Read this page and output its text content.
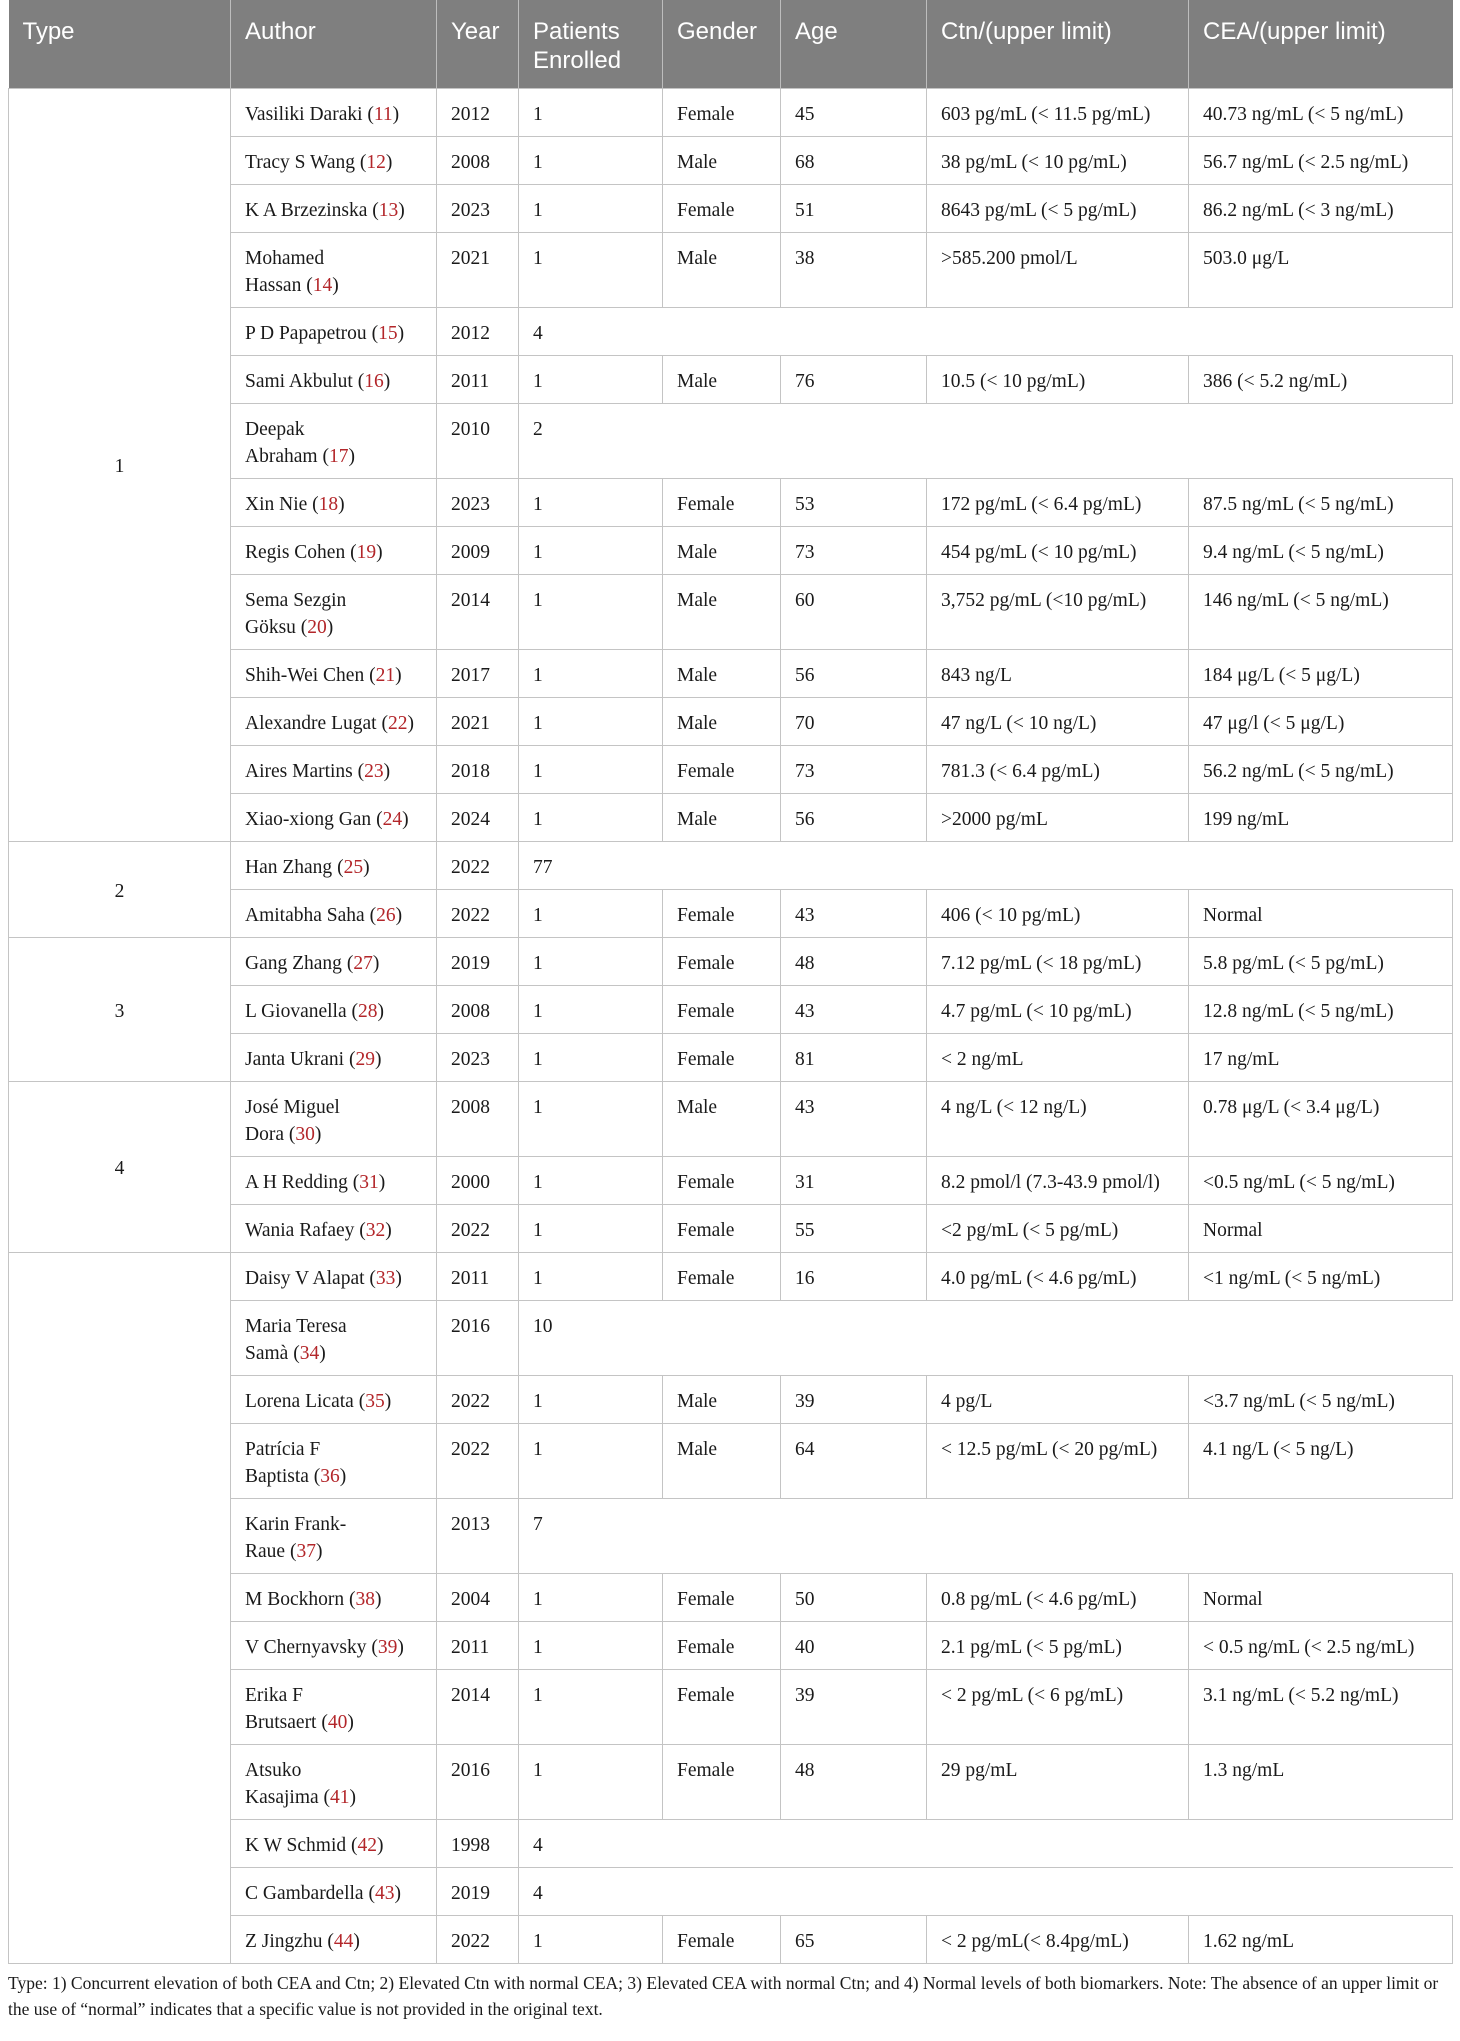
Type	Author	Year	Patients Enrolled	Gender	Age	Ctn/(upper limit)	CEA/(upper limit)
1	Vasiliki Daraki (11)	2012	1	Female	45	603 pg/mL (< 11.5 pg/mL)	40.73 ng/mL (< 5 ng/mL)
	Tracy S Wang (12)	2008	1	Male	68	38 pg/mL (< 10 pg/mL)	56.7 ng/mL (< 2.5 ng/mL)
	K A Brzezinska (13)	2023	1	Female	51	8643 pg/mL (< 5 pg/mL)	86.2 ng/mL (< 3 ng/mL)
	Mohamed Hassan (14)	2021	1	Male	38	>585.200 pmol/L	503.0 μg/L
	P D Papapetrou (15)	2012	4				
	Sami Akbulut (16)	2011	1	Male	76	10.5 (< 10 pg/mL)	386 (< 5.2 ng/mL)
	Deepak Abraham (17)	2010	2				
	Xin Nie (18)	2023	1	Female	53	172 pg/mL (< 6.4 pg/mL)	87.5 ng/mL (< 5 ng/mL)
	Regis Cohen (19)	2009	1	Male	73	454 pg/mL (< 10 pg/mL)	9.4 ng/mL (< 5 ng/mL)
	Sema Sezgin Göksu (20)	2014	1	Male	60	3,752 pg/mL (<10 pg/mL)	146 ng/mL (< 5 ng/mL)
	Shih-Wei Chen (21)	2017	1	Male	56	843 ng/L	184 μg/L (< 5 μg/L)
	Alexandre Lugat (22)	2021	1	Male	70	47 ng/L (< 10 ng/L)	47 μg/l (< 5 μg/L)
	Aires Martins (23)	2018	1	Female	73	781.3 (< 6.4 pg/mL)	56.2 ng/mL (< 5 ng/mL)
	Xiao-xiong Gan (24)	2024	1	Male	56	>2000 pg/mL	199 ng/mL
2	Han Zhang (25)	2022	77				
	Amitabha Saha (26)	2022	1	Female	43	406 (< 10 pg/mL)	Normal
3	Gang Zhang (27)	2019	1	Female	48	7.12 pg/mL (< 18 pg/mL)	5.8 pg/mL (< 5 pg/mL)
	L Giovanella (28)	2008	1	Female	43	4.7 pg/mL (< 10 pg/mL)	12.8 ng/mL (< 5 ng/mL)
	Janta Ukrani (29)	2023	1	Female	81	< 2 ng/mL	17 ng/mL
4	José Miguel Dora (30)	2008	1	Male	43	4 ng/L (< 12 ng/L)	0.78 μg/L (< 3.4 μg/L)
	A H Redding (31)	2000	1	Female	31	8.2 pmol/l (7.3-43.9 pmol/l)	<0.5 ng/mL (< 5 ng/mL)
	Wania Rafaey (32)	2022	1	Female	55	<2 pg/mL (< 5 pg/mL)	Normal
	Daisy V Alapat (33)	2011	1	Female	16	4.0 pg/mL (< 4.6 pg/mL)	<1 ng/mL (< 5 ng/mL)
	Maria Teresa Samà (34)	2016	10				
	Lorena Licata (35)	2022	1	Male	39	4 pg/L	<3.7 ng/mL (< 5 ng/mL)
	Patrícia F Baptista (36)	2022	1	Male	64	< 12.5 pg/mL (< 20 pg/mL)	4.1 ng/L (< 5 ng/L)
	Karin Frank-Raue (37)	2013	7				
	M Bockhorn (38)	2004	1	Female	50	0.8 pg/mL (< 4.6 pg/mL)	Normal
	V Chernyavsky (39)	2011	1	Female	40	2.1 pg/mL (< 5 pg/mL)	< 0.5 ng/mL (< 2.5 ng/mL)
	Erika F Brutsaert (40)	2014	1	Female	39	< 2 pg/mL (< 6 pg/mL)	3.1 ng/mL (< 5.2 ng/mL)
	Atsuko Kasajima (41)	2016	1	Female	48	29 pg/mL	1.3 ng/mL
	K W Schmid (42)	1998	4				
	C Gambardella (43)	2019	4				
	Z Jingzhu (44)	2022	1	Female	65	< 2 pg/mL(< 8.4pg/mL)	1.62 ng/mL
Type: 1) Concurrent elevation of both CEA and Ctn; 2) Elevated Ctn with normal CEA; 3) Elevated CEA with normal Ctn; and 4) Normal levels of both biomarkers. Note: The absence of an upper limit or the use of “normal” indicates that a specific value is not provided in the original text.
